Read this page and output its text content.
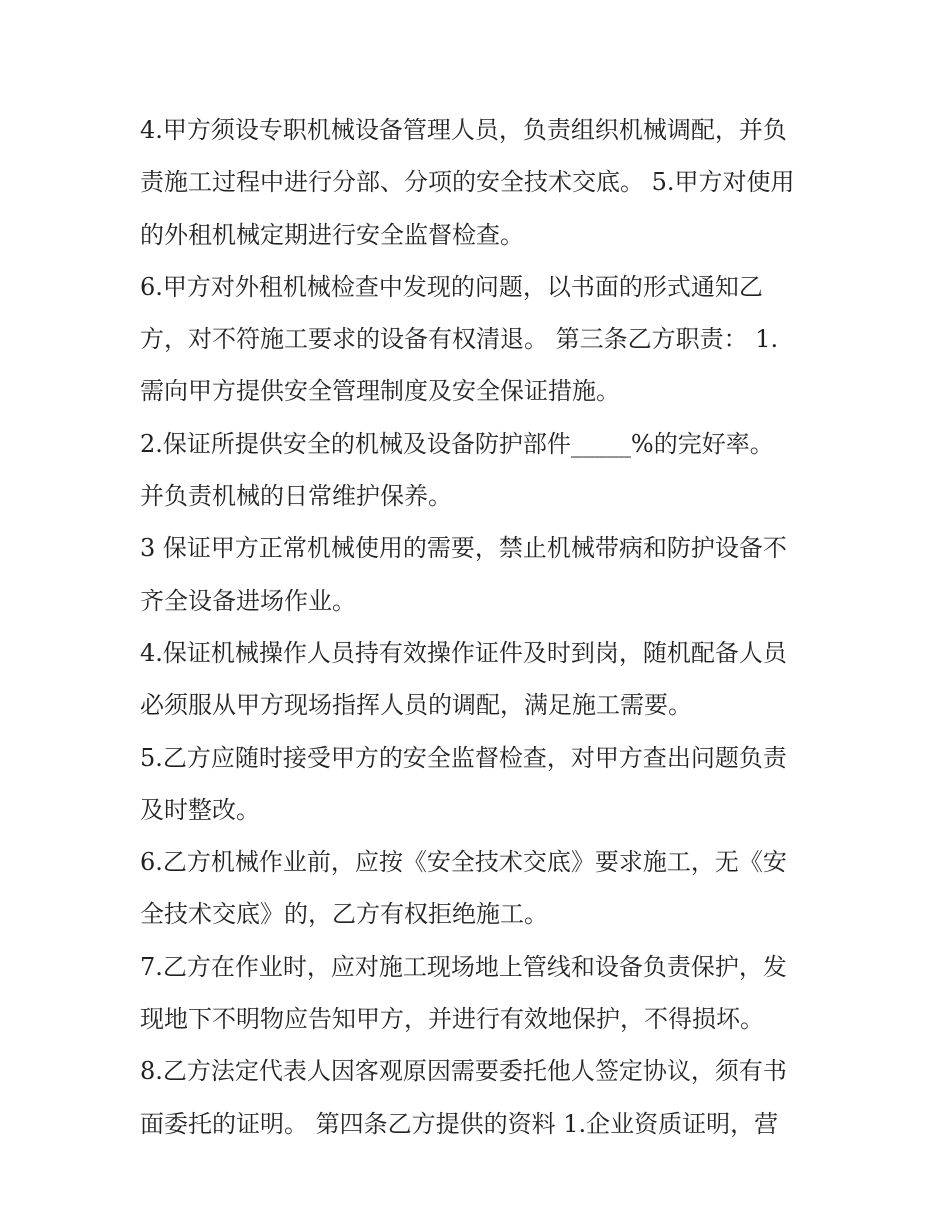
4.甲方须设专职机械设备管理人员，负责组织机械调配，并负
责施工过程中进行分部、分项的安全技术交底。 5.甲方对使用
的外租机械定期进行安全监督检查。
6.甲方对外租机械检查中发现的问题，以书面的形式通知乙
方，对不符施工要求的设备有权清退。 第三条乙方职责： 1.
需向甲方提供安全管理制度及安全保证措施。
2.保证所提供安全的机械及设备防护部件_____%的完好率。
并负责机械的日常维护保养。
3 保证甲方正常机械使用的需要，禁止机械带病和防护设备不
齐全设备进场作业。
4.保证机械操作人员持有效操作证件及时到岗，随机配备人员
必须服从甲方现场指挥人员的调配，满足施工需要。
5.乙方应随时接受甲方的安全监督检查，对甲方查出问题负责
及时整改。
6.乙方机械作业前，应按《安全技术交底》要求施工，无《安
全技术交底》的，乙方有权拒绝施工。
7.乙方在作业时，应对施工现场地上管线和设备负责保护，发
现地下不明物应告知甲方，并进行有效地保护，不得损坏。
8.乙方法定代表人因客观原因需要委托他人签定协议，须有书
面委托的证明。 第四条乙方提供的资料 1.企业资质证明，营
